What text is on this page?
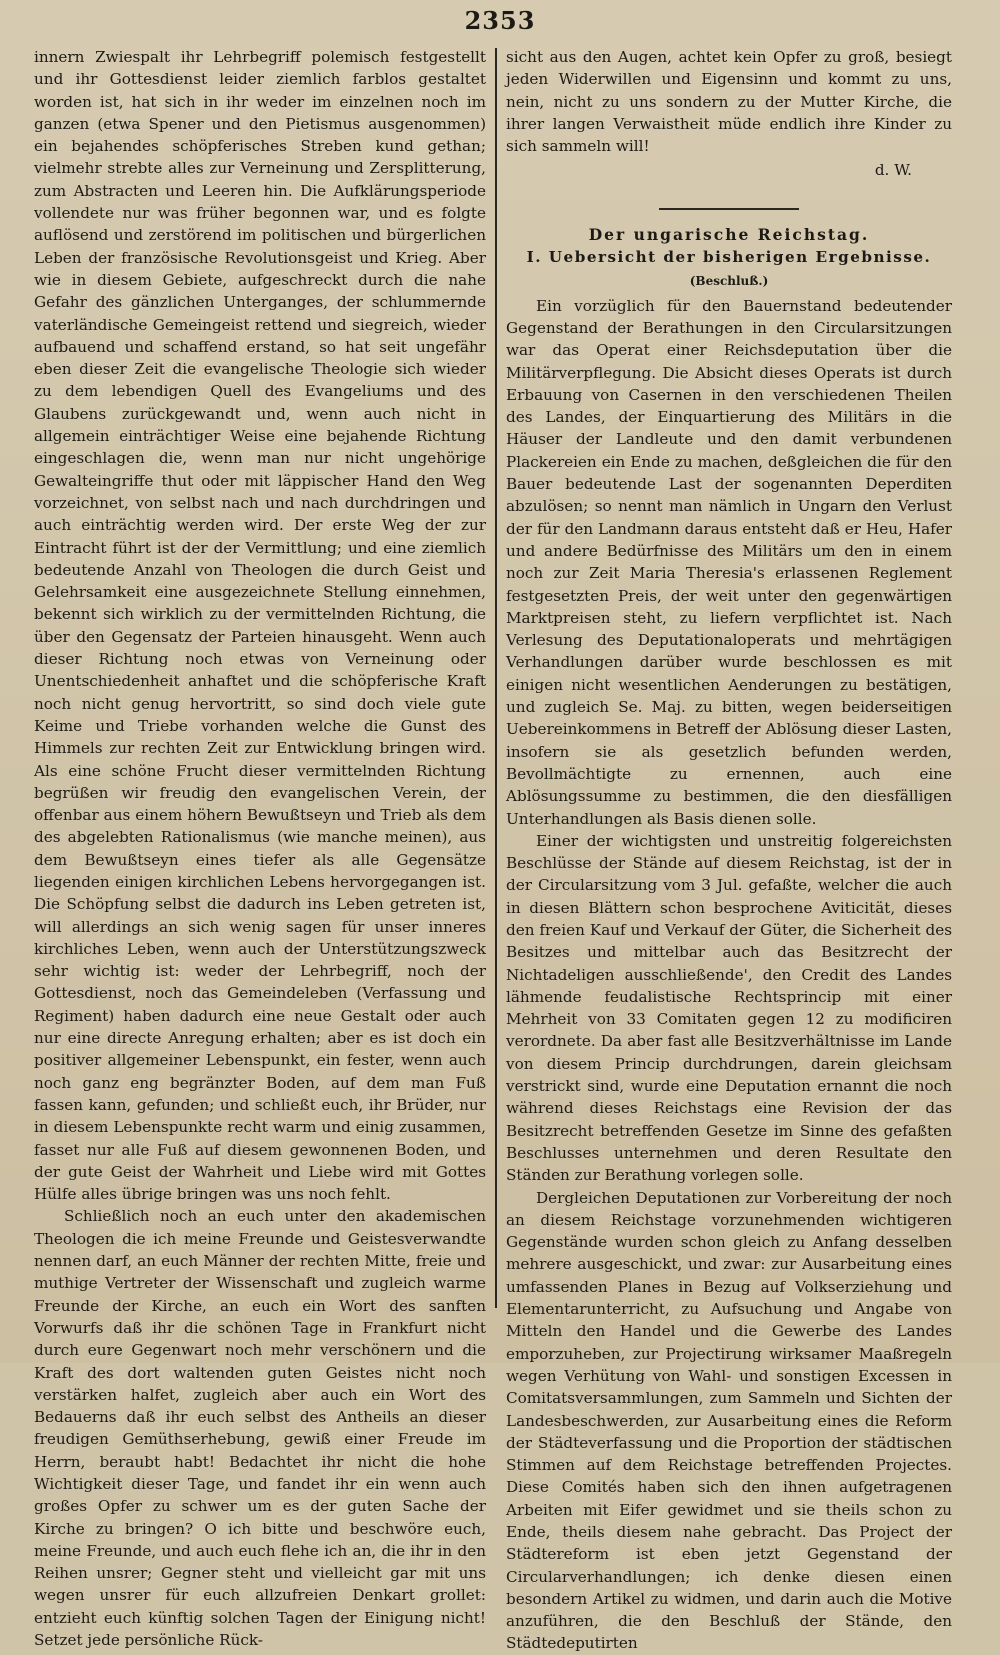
2353

innern Zwiespalt ihr Lehrbegriff polemisch festgestellt und ihr Gottesdienst leider ziemlich farblos gestaltet worden ist, hat sich in ihr weder im einzelnen noch im ganzen (etwa Spener und den Pietismus ausgenommen) ein bejahendes schöpferisches Streben kund gethan; vielmehr strebte alles zur Verneinung und Zersplitterung, zum Abstracten und Leeren hin. Die Aufklärungsperiode vollendete nur was früher begonnen war, und es folgte auflösend und zerstörend im politischen und bürgerlichen Leben der französische Revolutionsgeist und Krieg. Aber wie in diesem Gebiete, aufgeschreckt durch die nahe Gefahr des gänzlichen Unterganges, der schlummernde vaterländische Gemeingeist rettend und siegreich, wieder aufbauend und schaffend erstand, so hat seit ungefähr eben dieser Zeit die evangelische Theologie sich wieder zu dem lebendigen Quell des Evangeliums und des Glaubens zurückgewandt und, wenn auch nicht in allgemein einträchtiger Weise eine bejahende Richtung eingeschlagen die, wenn man nur nicht ungehörige Gewalteingriffe thut oder mit läppischer Hand den Weg vorzeichnet, von selbst nach und nach durchdringen und auch einträchtig werden wird. Der erste Weg der zur Eintracht führt ist der der Vermittlung; und eine ziemlich bedeutende Anzahl von Theologen die durch Geist und Gelehrsamkeit eine ausgezeichnete Stellung einnehmen, bekennt sich wirklich zu der vermittelnden Richtung, die über den Gegensatz der Parteien hinausgeht. Wenn auch dieser Richtung noch etwas von Verneinung oder Unentschiedenheit anhaftet und die schöpferische Kraft noch nicht genug hervortritt, so sind doch viele gute Keime und Triebe vorhanden welche die Gunst des Himmels zur rechten Zeit zur Entwicklung bringen wird. Als eine schöne Frucht dieser vermittelnden Richtung begrüßen wir freudig den evangelischen Verein, der offenbar aus einem höhern Bewußtseyn und Trieb als dem des abgelebten Rationalismus (wie manche meinen), aus dem Bewußtseyn eines tiefer als alle Gegensätze liegenden einigen kirchlichen Lebens hervorgegangen ist. Die Schöpfung selbst die dadurch ins Leben getreten ist, will allerdings an sich wenig sagen für unser inneres kirchliches Leben, wenn auch der Unterstützungszweck sehr wichtig ist: weder der Lehrbegriff, noch der Gottesdienst, noch das Gemeindeleben (Verfassung und Regiment) haben dadurch eine neue Gestalt oder auch nur eine directe Anregung erhalten; aber es ist doch ein positiver allgemeiner Lebenspunkt, ein fester, wenn auch noch ganz eng begränzter Boden, auf dem man Fuß fassen kann, gefunden; und schließt euch, ihr Brüder, nur in diesem Lebenspunkte recht warm und einig zusammen, fasset nur alle Fuß auf diesem gewonnenen Boden, und der gute Geist der Wahrheit und Liebe wird mit Gottes Hülfe alles übrige bringen was uns noch fehlt.

Schließlich noch an euch unter den akademischen Theologen die ich meine Freunde und Geistesverwandte nennen darf, an euch Männer der rechten Mitte, freie und muthige Vertreter der Wissenschaft und zugleich warme Freunde der Kirche, an euch ein Wort des sanften Vorwurfs daß ihr die schönen Tage in Frankfurt nicht durch eure Gegenwart noch mehr verschönern und die Kraft des dort waltenden guten Geistes nicht noch verstärken halfet, zugleich aber auch ein Wort des Bedauerns daß ihr euch selbst des Antheils an dieser freudigen Gemüthserhebung, gewiß einer Freude im Herrn, beraubt habt! Bedachtet ihr nicht die hohe Wichtigkeit dieser Tage, und fandet ihr ein wenn auch großes Opfer zu schwer um es der guten Sache der Kirche zu bringen? O ich bitte und beschwöre euch, meine Freunde, und auch euch flehe ich an, die ihr in den Reihen unsrer; Gegner steht und vielleicht gar mit uns wegen unsrer für euch allzufreien Denkart grollet: entzieht euch künftig solchen Tagen der Einigung nicht! Setzet jede persönliche Rück-

sicht aus den Augen, achtet kein Opfer zu groß, besiegt jeden Widerwillen und Eigensinn und kommt zu uns, nein, nicht zu uns sondern zu der Mutter Kirche, die ihrer langen Verwaistheit müde endlich ihre Kinder zu sich sammeln will!

d. W.
Der ungarische Reichstag.
I. Uebersicht der bisherigen Ergebnisse.
(Beschluß.)

Ein vorzüglich für den Bauernstand bedeutender Gegenstand der Berathungen in den Circularsitzungen war das Operat einer Reichsdeputation über die Militärverpflegung. Die Absicht dieses Operats ist durch Erbauung von Casernen in den verschiedenen Theilen des Landes, der Einquartierung des Militärs in die Häuser der Landleute und den damit verbundenen Plackereien ein Ende zu machen, deßgleichen die für den Bauer bedeutende Last der sogenannten Deperditen abzulösen; so nennt man nämlich in Ungarn den Verlust der für den Landmann daraus entsteht daß er Heu, Hafer und andere Bedürfnisse des Militärs um den in einem noch zur Zeit Maria Theresia's erlassenen Reglement festgesetzten Preis, der weit unter den gegenwärtigen Marktpreisen steht, zu liefern verpflichtet ist. Nach Verlesung des Deputationaloperats und mehrtägigen Verhandlungen darüber wurde beschlossen es mit einigen nicht wesentlichen Aenderungen zu bestätigen, und zugleich Se. Maj. zu bitten, wegen beiderseitigen Uebereinkommens in Betreff der Ablösung dieser Lasten, insofern sie als gesetzlich befunden werden, Bevollmächtigte zu ernennen, auch eine Ablösungssumme zu bestimmen, die den diesfälligen Unterhandlungen als Basis dienen solle.

Einer der wichtigsten und unstreitig folgereichsten Beschlüsse der Stände auf diesem Reichstag, ist der in der Circularsitzung vom 3 Jul. gefaßte, welcher die auch in diesen Blättern schon besprochene Aviticität, dieses den freien Kauf und Verkauf der Güter, die Sicherheit des Besitzes und mittelbar auch das Besitzrecht der Nichtadeligen ausschließende', den Credit des Landes lähmende feudalistische Rechtsprincip mit einer Mehrheit von 33 Comitaten gegen 12 zu modificiren verordnete. Da aber fast alle Besitzverhältnisse im Lande von diesem Princip durchdrungen, darein gleichsam verstrickt sind, wurde eine Deputation ernannt die noch während dieses Reichstags eine Revision der das Besitzrecht betreffenden Gesetze im Sinne des gefaßten Beschlusses unternehmen und deren Resultate den Ständen zur Berathung vorlegen solle.

Dergleichen Deputationen zur Vorbereitung der noch an diesem Reichstage vorzunehmenden wichtigeren Gegenstände wurden schon gleich zu Anfang desselben mehrere ausgeschickt, und zwar: zur Ausarbeitung eines umfassenden Planes in Bezug auf Volkserziehung und Elementarunterricht, zu Aufsuchung und Angabe von Mitteln den Handel und die Gewerbe des Landes emporzuheben, zur Projectirung wirksamer Maaßregeln wegen Verhütung von Wahl- und sonstigen Excessen in Comitatsversammlungen, zum Sammeln und Sichten der Landesbeschwerden, zur Ausarbeitung eines die Reform der Städteverfassung und die Proportion der städtischen Stimmen auf dem Reichstage betreffenden Projectes. Diese Comités haben sich den ihnen aufgetragenen Arbeiten mit Eifer gewidmet und sie theils schon zu Ende, theils diesem nahe gebracht. Das Project der Städtereform ist eben jetzt Gegenstand der Circularverhandlungen; ich denke diesen einen besondern Artikel zu widmen, und darin auch die Motive anzuführen, die den Beschluß der Stände, den Städtedeputirten
